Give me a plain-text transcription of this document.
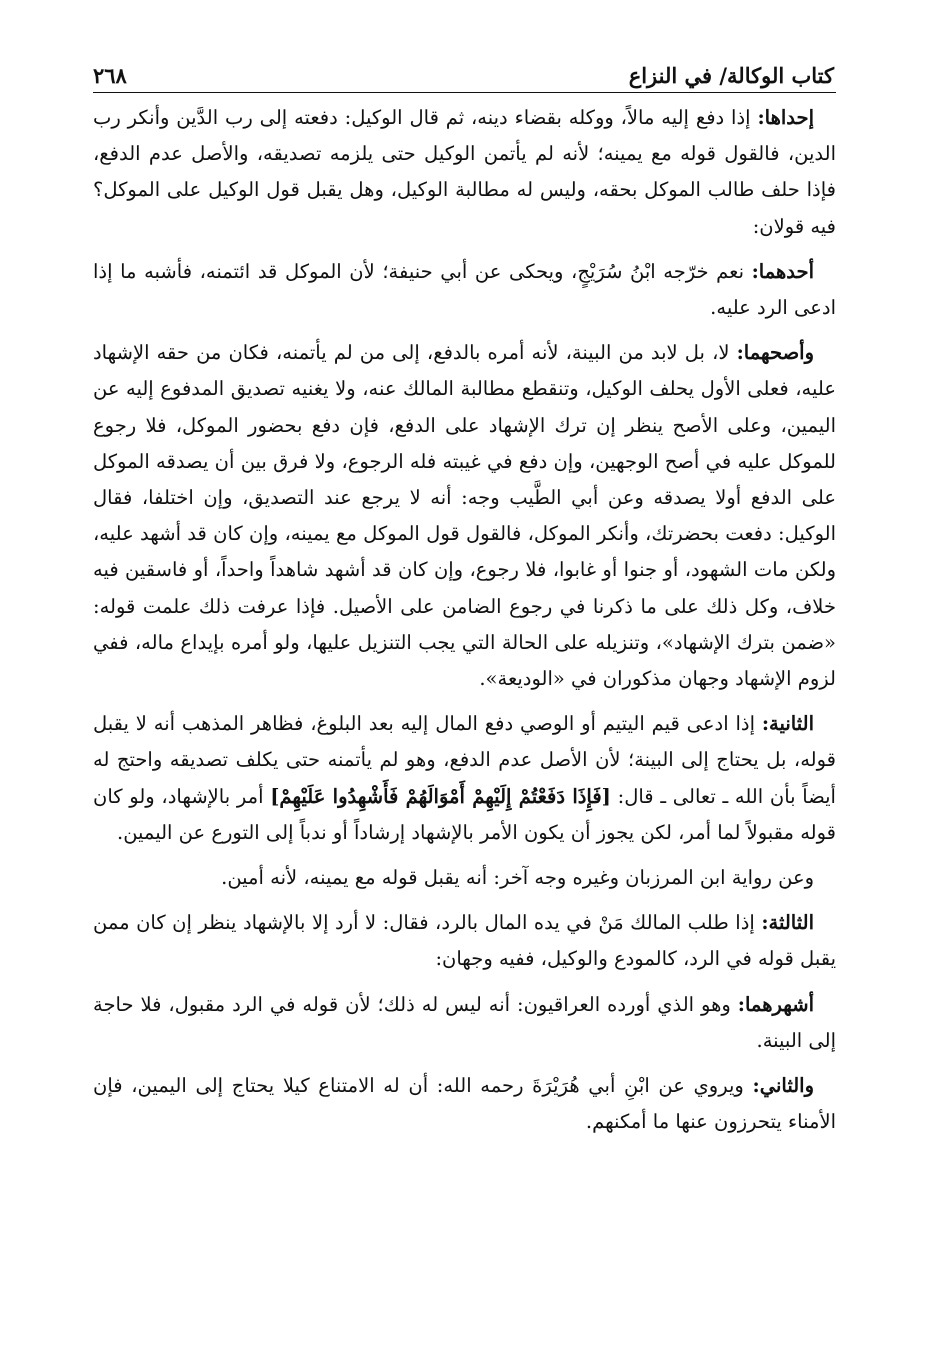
كتاب الوكالة/ في النزاع
٢٦٨

إحداها: إذا دفع إليه مالاً، ووكله بقضاء دينه، ثم قال الوكيل: دفعته إلى رب الدَّين وأنكر رب الدين، فالقول قوله مع يمينه؛ لأنه لم يأتمن الوكيل حتى يلزمه تصديقه، والأصل عدم الدفع، فإذا حلف طالب الموكل بحقه، وليس له مطالبة الوكيل، وهل يقبل قول الوكيل على الموكل؟ فيه قولان:

أحدهما: نعم خرّجه ابْنُ سُرَيْجٍ، ويحكى عن أبي حنيفة؛ لأن الموكل قد ائتمنه، فأشبه ما إذا ادعى الرد عليه.

وأصحهما: لا، بل لابد من البينة، لأنه أمره بالدفع، إلى من لم يأتمنه، فكان من حقه الإشهاد عليه، فعلى الأول يحلف الوكيل، وتنقطع مطالبة المالك عنه، ولا يغنيه تصديق المدفوع إليه عن اليمين، وعلى الأصح ينظر إن ترك الإشهاد على الدفع، فإن دفع بحضور الموكل، فلا رجوع للموكل عليه في أصح الوجهين، وإن دفع في غيبته فله الرجوع، ولا فرق بين أن يصدقه الموكل على الدفع أولا يصدقه وعن أبي الطَّيب وجه: أنه لا يرجع عند التصديق، وإن اختلفا، فقال الوكيل: دفعت بحضرتك، وأنكر الموكل، فالقول قول الموكل مع يمينه، وإن كان قد أشهد عليه، ولكن مات الشهود، أو جنوا أو غابوا، فلا رجوع، وإن كان قد أشهد شاهداً واحداً، أو فاسقين فيه خلاف، وكل ذلك على ما ذكرنا في رجوع الضامن على الأصيل. فإذا عرفت ذلك علمت قوله: «ضمن بترك الإشهاد»، وتنزيله على الحالة التي يجب التنزيل عليها، ولو أمره بإيداع ماله، ففي لزوم الإشهاد وجهان مذكوران في «الوديعة».

الثانية: إذا ادعى قيم اليتيم أو الوصي دفع المال إليه بعد البلوغ، فظاهر المذهب أنه لا يقبل قوله، بل يحتاج إلى البينة؛ لأن الأصل عدم الدفع، وهو لم يأتمنه حتى يكلف تصديقه واحتج له أيضاً بأن الله ـ تعالى ـ قال: [فَإِذَا دَفَعْتُمْ إِلَيْهِمْ أَمْوَالَهُمْ فَأَشْهِدُوا عَلَيْهِمْ] أمر بالإشهاد، ولو كان قوله مقبولاً لما أمر، لكن يجوز أن يكون الأمر بالإشهاد إرشاداً أو ندباً إلى التورع عن اليمين.

وعن رواية ابن المرزبان وغيره وجه آخر: أنه يقبل قوله مع يمينه، لأنه أمين.

الثالثة: إذا طلب المالك مَنْ في يده المال بالرد، فقال: لا أرد إلا بالإشهاد ينظر إن كان ممن يقبل قوله في الرد، كالمودع والوكيل، ففيه وجهان:

أشهرهما: وهو الذي أورده العراقيون: أنه ليس له ذلك؛ لأن قوله في الرد مقبول، فلا حاجة إلى البينة.

والثاني: ويروي عن ابْنِ أبي هُرَيْرَةَ رحمه الله: أن له الامتناع كيلا يحتاج إلى اليمين، فإن الأمناء يتحرزون عنها ما أمكنهم.
